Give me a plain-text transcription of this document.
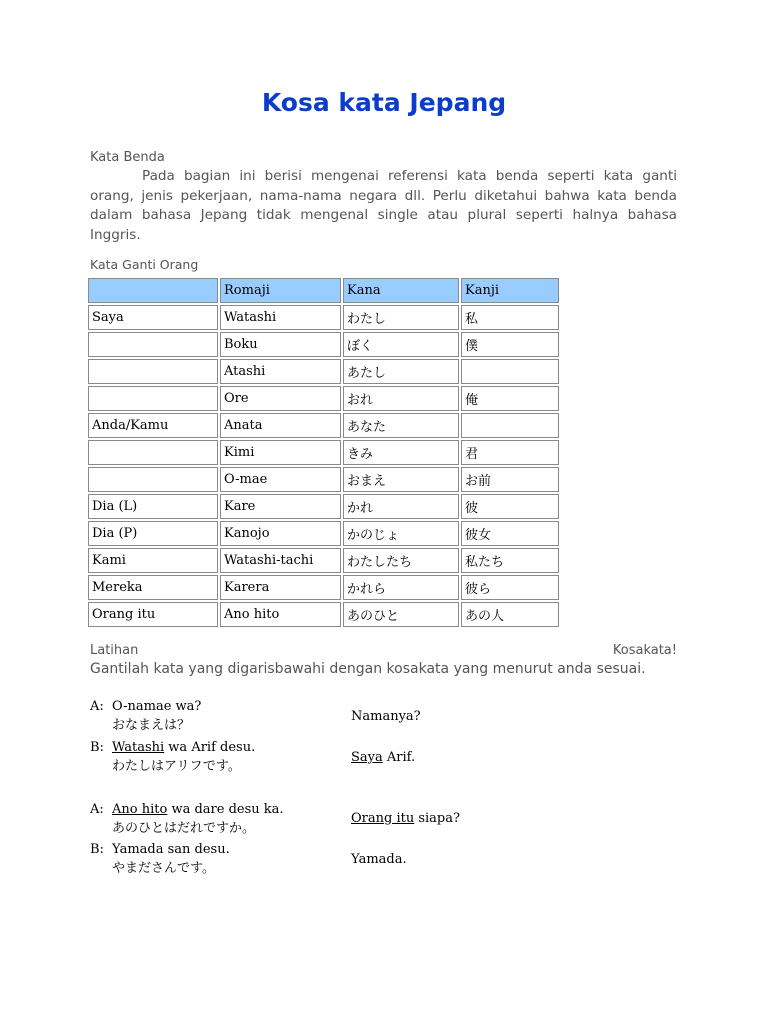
Kosa kata Jepang
Kata Benda

Pada bagian ini berisi mengenai referensi kata benda seperti kata ganti orang, jenis pekerjaan, nama-nama negara dll. Perlu diketahui bahwa kata benda dalam bahasa Jepang tidak mengenal single atau plural seperti halnya bahasa Inggris.

Kata Ganti Orang
	Romaji	Kana	Kanji
Saya	Watashi	わたし	私
	Boku	ぼく	僕
	Atashi	あたし	
	Ore	おれ	俺
Anda/Kamu	Anata	あなた	
	Kimi	きみ	君
	O-mae	おまえ	お前
Dia (L)	Kare	かれ	彼
Dia (P)	Kanojo	かのじょ	彼女
Kami	Watashi-tachi	わたしたち	私たち
Mereka	Karera	かれら	彼ら
Orang itu	Ano hito	あのひと	あの人
Latihan	Kosakata!

Gantilah kata yang digarisbawahi dengan kosakata yang menurut anda sesuai.

A: O-namae wa?
おなまえは？
Namanya?
B: Watashi wa Arif desu.
わたしはアリフです。
Saya Arif.
A: Ano hito wa dare desu ka.
あのひとはだれですか。
Orang itu siapa?
B: Yamada san desu.
やまださんです。
Yamada.
